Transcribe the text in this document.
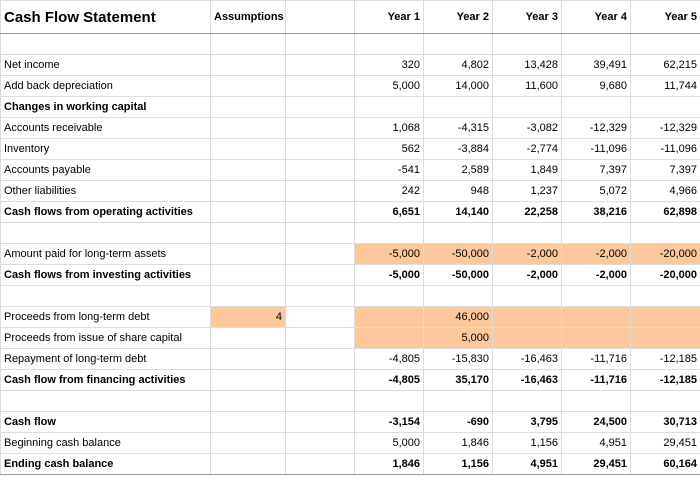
Cash Flow Statement	Assumptions		Year 1	Year 2	Year 3	Year 4	Year 5

Net income			320	4,802	13,428	39,491	62,215
Add back depreciation			5,000	14,000	11,600	9,680	11,744
Changes in working capital							
Accounts receivable			1,068	-4,315	-3,082	-12,329	-12,329
Inventory			562	-3,884	-2,774	-11,096	-11,096
Accounts payable			-541	2,589	1,849	7,397	7,397
Other liabilities			242	948	1,237	5,072	4,966
Cash flows from operating activities			6,651	14,140	22,258	38,216	62,898

Amount paid for long-term assets			-5,000	-50,000	-2,000	-2,000	-20,000
Cash flows from investing activities			-5,000	-50,000	-2,000	-2,000	-20,000

Proceeds from long-term debt	4			46,000			
Proceeds from issue of share capital				5,000			
Repayment of long-term debt			-4,805	-15,830	-16,463	-11,716	-12,185
Cash flow from financing activities			-4,805	35,170	-16,463	-11,716	-12,185

Cash flow			-3,154	-690	3,795	24,500	30,713
Beginning cash balance			5,000	1,846	1,156	4,951	29,451
Ending cash balance			1,846	1,156	4,951	29,451	60,164
